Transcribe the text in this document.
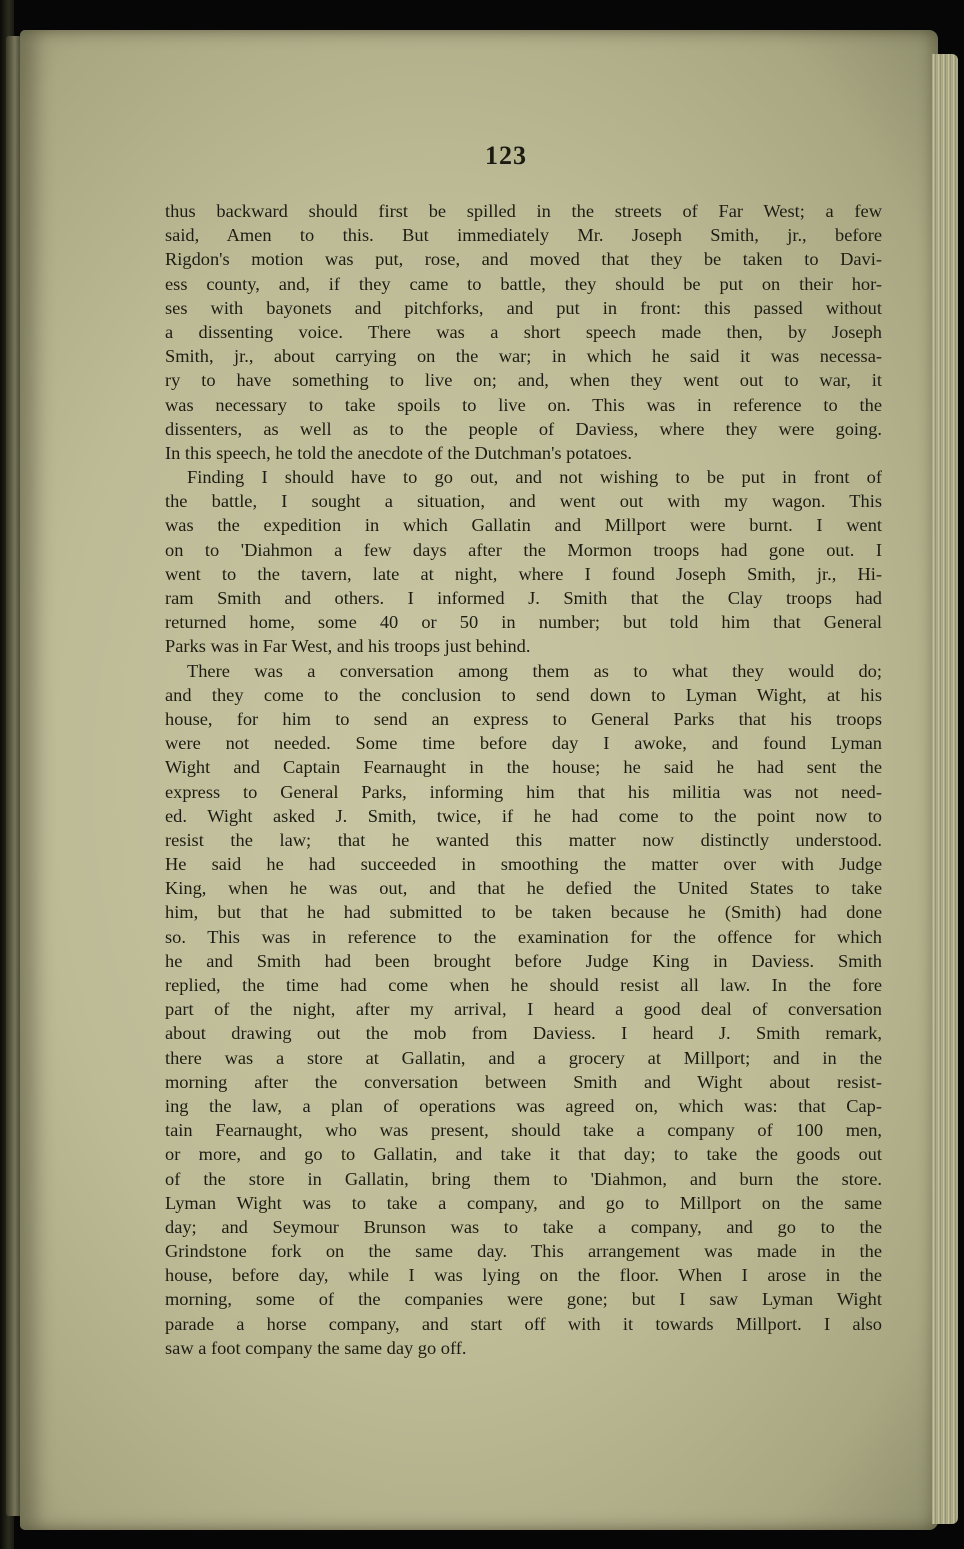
123
thus backward should first be spilled in the streets of Far West; a few
said, Amen to this. But immediately Mr. Joseph Smith, jr., before
Rigdon's motion was put, rose, and moved that they be taken to Davi-
ess county, and, if they came to battle, they should be put on their hor-
ses with bayonets and pitchforks, and put in front: this passed without
a dissenting voice. There was a short speech made then, by Joseph
Smith, jr., about carrying on the war; in which he said it was necessa-
ry to have something to live on; and, when they went out to war, it
was necessary to take spoils to live on. This was in reference to the
dissenters, as well as to the people of Daviess, where they were going.
In this speech, he told the anecdote of the Dutchman's potatoes.
Finding I should have to go out, and not wishing to be put in front of
the battle, I sought a situation, and went out with my wagon. This
was the expedition in which Gallatin and Millport were burnt. I went
on to 'Diahmon a few days after the Mormon troops had gone out. I
went to the tavern, late at night, where I found Joseph Smith, jr., Hi-
ram Smith and others. I informed J. Smith that the Clay troops had
returned home, some 40 or 50 in number; but told him that General
Parks was in Far West, and his troops just behind.
There was a conversation among them as to what they would do;
and they come to the conclusion to send down to Lyman Wight, at his
house, for him to send an express to General Parks that his troops
were not needed. Some time before day I awoke, and found Lyman
Wight and Captain Fearnaught in the house; he said he had sent the
express to General Parks, informing him that his militia was not need-
ed. Wight asked J. Smith, twice, if he had come to the point now to
resist the law; that he wanted this matter now distinctly understood.
He said he had succeeded in smoothing the matter over with Judge
King, when he was out, and that he defied the United States to take
him, but that he had submitted to be taken because he (Smith) had done
so. This was in reference to the examination for the offence for which
he and Smith had been brought before Judge King in Daviess. Smith
replied, the time had come when he should resist all law. In the fore
part of the night, after my arrival, I heard a good deal of conversation
about drawing out the mob from Daviess. I heard J. Smith remark,
there was a store at Gallatin, and a grocery at Millport; and in the
morning after the conversation between Smith and Wight about resist-
ing the law, a plan of operations was agreed on, which was: that Cap-
tain Fearnaught, who was present, should take a company of 100 men,
or more, and go to Gallatin, and take it that day; to take the goods out
of the store in Gallatin, bring them to 'Diahmon, and burn the store.
Lyman Wight was to take a company, and go to Millport on the same
day; and Seymour Brunson was to take a company, and go to the
Grindstone fork on the same day. This arrangement was made in the
house, before day, while I was lying on the floor. When I arose in the
morning, some of the companies were gone; but I saw Lyman Wight
parade a horse company, and start off with it towards Millport. I also
saw a foot company the same day go off.
